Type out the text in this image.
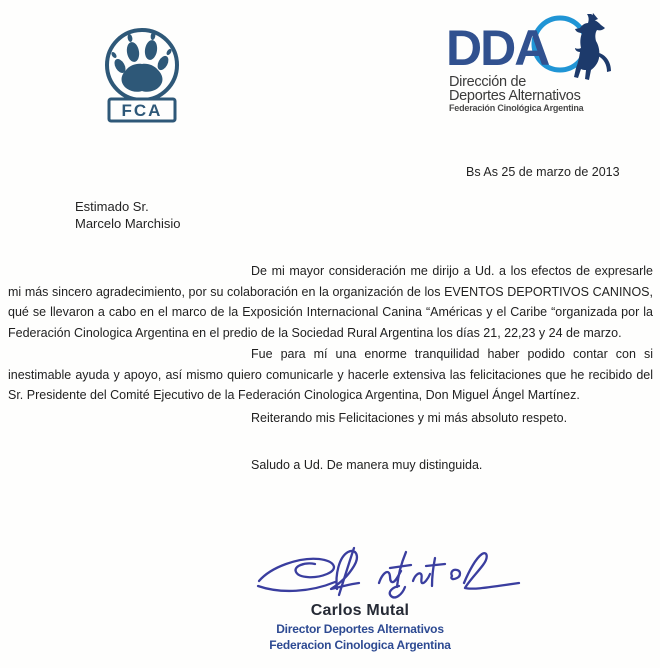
FCA
DDA
Dirección de
Deportes Alternativos
Federación Cinológica Argentina
Bs As 25 de marzo de 2013
Estimado Sr.
Marcelo Marchisio

De mi mayor consideración me dirijo a Ud. a los efectos de expresarle mi más sincero agradecimiento, por su colaboración en la organización de los EVENTOS DEPORTIVOS CANINOS, qué se llevaron a cabo en el marco de la Exposición Internacional Canina “Américas y el Caribe “organizada por la Federación Cinologica Argentina en el predio de la Sociedad Rural Argentina los días 21, 22,23 y 24 de marzo.

Fue para mí una enorme tranquilidad haber podido contar con si inestimable ayuda y apoyo, así mismo quiero comunicarle y hacerle extensiva las felicitaciones que he recibido del Sr. Presidente del Comité Ejecutivo de la Federación Cinologica Argentina, Don Miguel Ángel Martínez.

Reiterando mis Felicitaciones y mi más absoluto respeto.

Saludo a Ud. De manera muy distinguida.

Carlos Mutal
Director Deportes Alternativos
Federacion Cinologica Argentina
